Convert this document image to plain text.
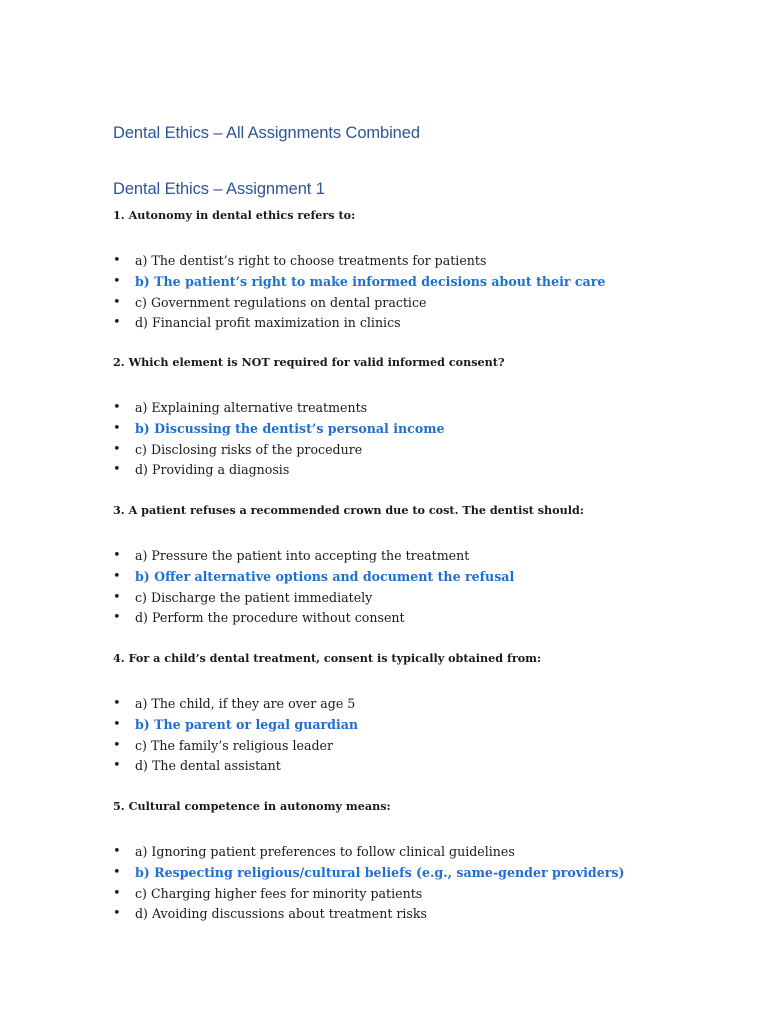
Dental Ethics – All Assignments Combined
Dental Ethics – Assignment 1

1. Autonomy in dental ethics refers to:

• a) The dentist’s right to choose treatments for patients
• b) The patient’s right to make informed decisions about their care
• c) Government regulations on dental practice
• d) Financial profit maximization in clinics

2. Which element is NOT required for valid informed consent?

• a) Explaining alternative treatments
• b) Discussing the dentist’s personal income
• c) Disclosing risks of the procedure
• d) Providing a diagnosis

3. A patient refuses a recommended crown due to cost. The dentist should:

• a) Pressure the patient into accepting the treatment
• b) Offer alternative options and document the refusal
• c) Discharge the patient immediately
• d) Perform the procedure without consent

4. For a child’s dental treatment, consent is typically obtained from:

• a) The child, if they are over age 5
• b) The parent or legal guardian
• c) The family’s religious leader
• d) The dental assistant

5. Cultural competence in autonomy means:

• a) Ignoring patient preferences to follow clinical guidelines
• b) Respecting religious/cultural beliefs (e.g., same-gender providers)
• c) Charging higher fees for minority patients
• d) Avoiding discussions about treatment risks
